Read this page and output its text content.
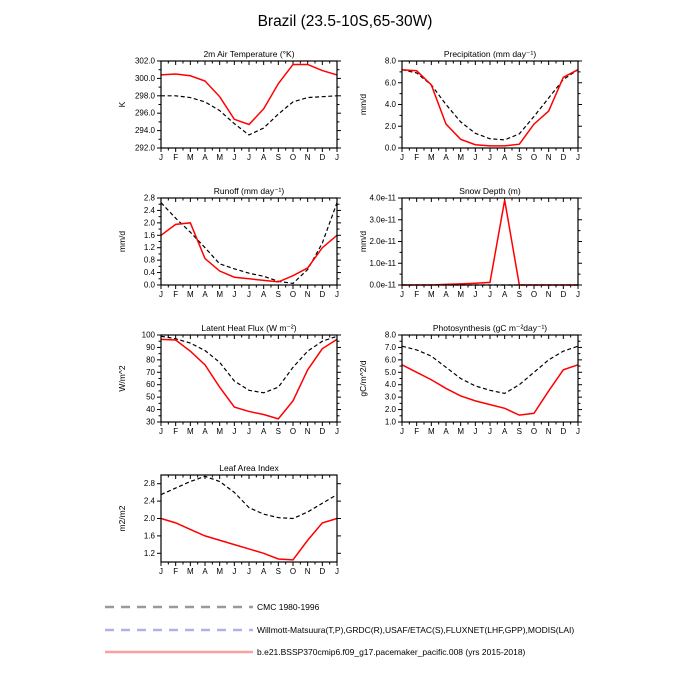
Brazil (23.5-10S,65-30W)
2m Air Temperature (°K)
K
292.0
294.0
296.0
298.0
300.0
302.0
J F M A M J J A S O N D J
Precipitation (mm day⁻¹)
mm/d
0.0
2.0
4.0
6.0
8.0
J F M A M J J A S O N D J
Runoff (mm day⁻¹)
mm/d
0.0
0.4
0.8
1.2
1.6
2.0
2.4
2.8
J F M A M J J A S O N D J
Snow Depth (m)
mm/d
0.0e-11
1.0e-11
2.0e-11
3.0e-11
4.0e-11
J F M A M J J A S O N D J
Latent Heat Flux (W m⁻²)
W/m^2
30
40
50
60
70
80
90
100
J F M A M J J A S O N D J
Photosynthesis (gC m⁻²day⁻¹)
gC/m^2/d
1.0
2.0
3.0
4.0
5.0
6.0
7.0
8.0
J F M A M J J A S O N D J
Leaf Area Index
m2/m2
1.2
1.6
2.0
2.4
2.8
J F M A M J J A S O N D J
CMC 1980-1996
Willmott-Matsuura(T,P),GRDC(R),USAF/ETAC(S),FLUXNET(LHF,GPP),MODIS(LAI)
b.e21.BSSP370cmip6.f09_g17.pacemaker_pacific.008 (yrs 2015-2018)
